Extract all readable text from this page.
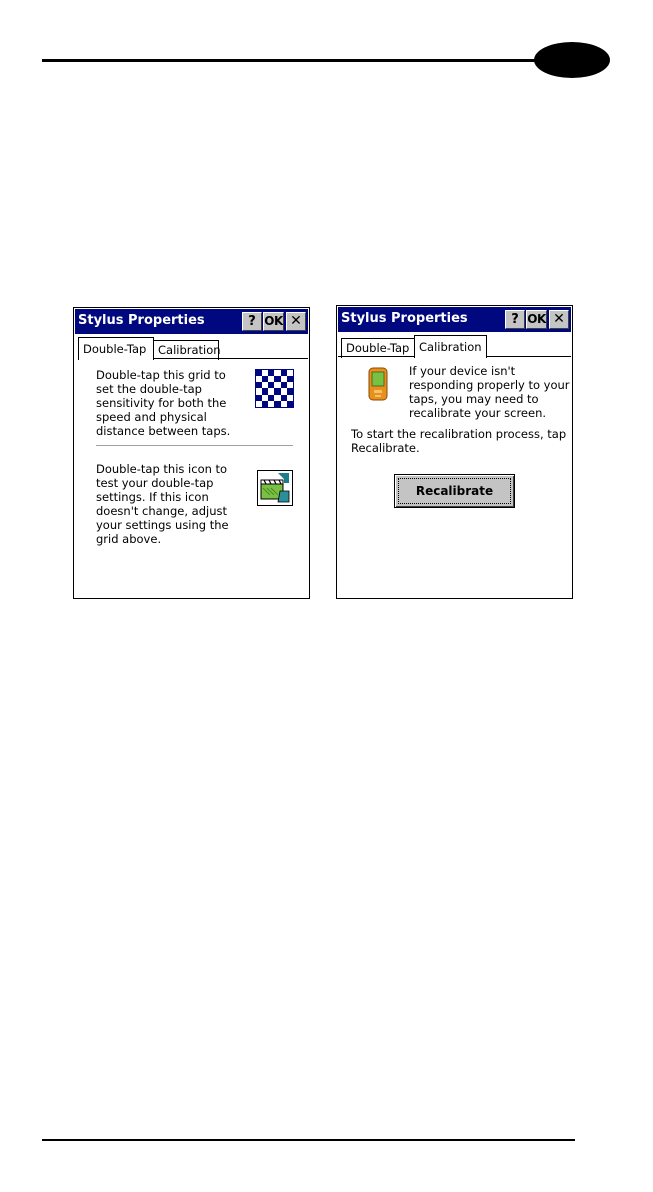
Stylus Properties	? OK ✕
Double-Tap	Calibration
Double-tap this grid to
set the double-tap
sensitivity for both the
speed and physical
distance between taps.
Double-tap this icon to
test your double-tap
settings. If this icon
doesn't change, adjust
your settings using the
grid above.
Stylus Properties	? OK ✕
Double-Tap Calibration
If your device isn't
responding properly to your
taps, you may need to
recalibrate your screen.
To start the recalibration process, tap
Recalibrate.
Recalibrate
